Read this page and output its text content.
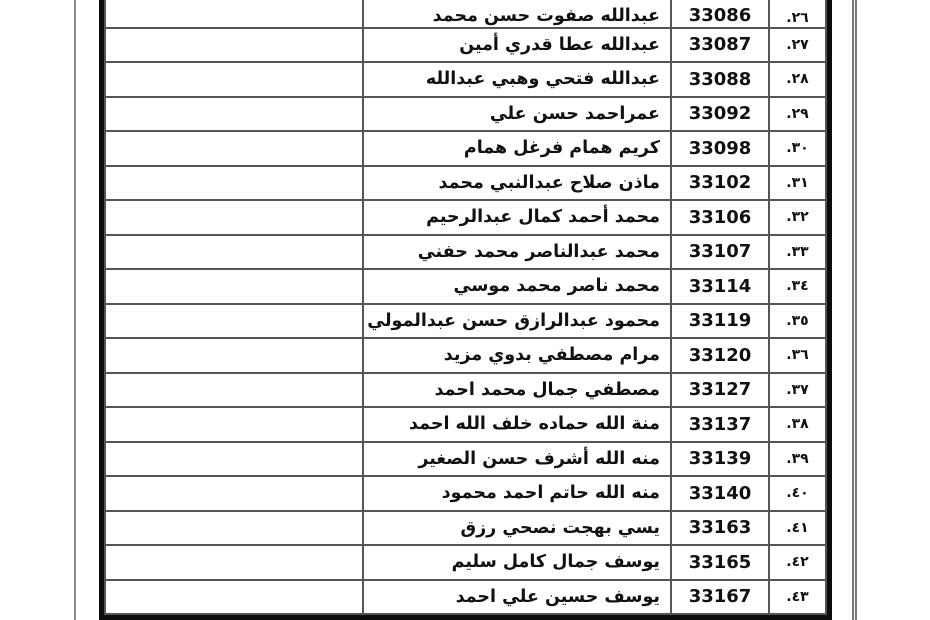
٢٦.	33086	عبدالله صفوت حسن محمد	
٢٧.	33087	عبدالله عطا قدري أمين	
٢٨.	33088	عبدالله فتحي وهبي عبدالله	
٢٩.	33092	عمراحمد حسن علي	
٣٠.	33098	كريم همام فرغل همام	
٣١.	33102	ماذن صلاح عبدالنبي محمد	
٣٢.	33106	محمد أحمد كمال عبدالرحيم	
٣٣.	33107	محمد عبدالناصر محمد حفني	
٣٤.	33114	محمد ناصر محمد موسي	
٣٥.	33119	محمود عبدالرازق حسن عبدالمولي	
٣٦.	33120	مرام مصطفي بدوي مزيد	
٣٧.	33127	مصطفي جمال محمد احمد	
٣٨.	33137	منة الله حماده خلف الله احمد	
٣٩.	33139	منه الله أشرف حسن الصغير	
٤٠.	33140	منه الله حاتم احمد محمود	
٤١.	33163	يسي بهجت نصحي رزق	
٤٢.	33165	يوسف جمال كامل سليم	
٤٣.	33167	يوسف حسين علي احمد	
